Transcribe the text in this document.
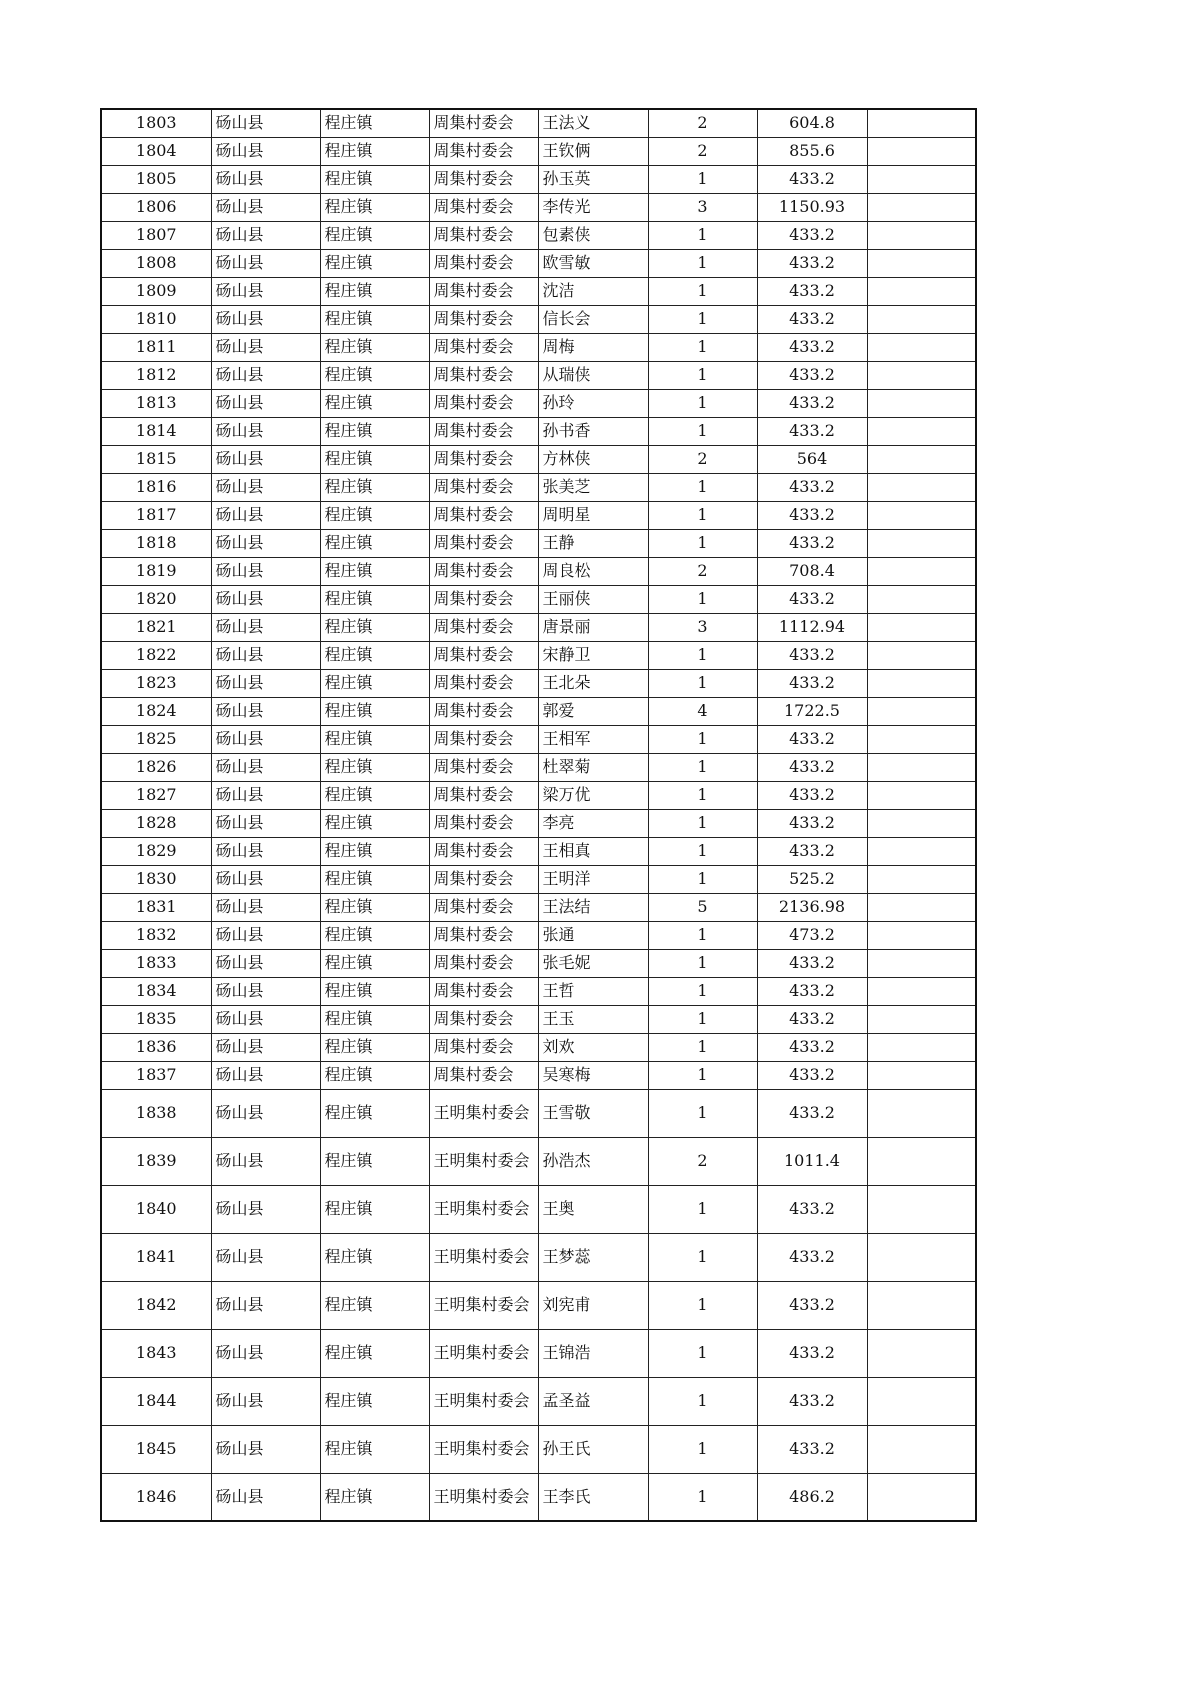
1803	砀山县	程庄镇	周集村委会	王法义	2	604.8	
1804	砀山县	程庄镇	周集村委会	王钦俩	2	855.6	
1805	砀山县	程庄镇	周集村委会	孙玉英	1	433.2	
1806	砀山县	程庄镇	周集村委会	李传光	3	1150.93	
1807	砀山县	程庄镇	周集村委会	包素侠	1	433.2	
1808	砀山县	程庄镇	周集村委会	欧雪敏	1	433.2	
1809	砀山县	程庄镇	周集村委会	沈洁	1	433.2	
1810	砀山县	程庄镇	周集村委会	信长会	1	433.2	
1811	砀山县	程庄镇	周集村委会	周梅	1	433.2	
1812	砀山县	程庄镇	周集村委会	从瑞侠	1	433.2	
1813	砀山县	程庄镇	周集村委会	孙玲	1	433.2	
1814	砀山县	程庄镇	周集村委会	孙书香	1	433.2	
1815	砀山县	程庄镇	周集村委会	方林侠	2	564	
1816	砀山县	程庄镇	周集村委会	张美芝	1	433.2	
1817	砀山县	程庄镇	周集村委会	周明星	1	433.2	
1818	砀山县	程庄镇	周集村委会	王静	1	433.2	
1819	砀山县	程庄镇	周集村委会	周良松	2	708.4	
1820	砀山县	程庄镇	周集村委会	王丽侠	1	433.2	
1821	砀山县	程庄镇	周集村委会	唐景丽	3	1112.94	
1822	砀山县	程庄镇	周集村委会	宋静卫	1	433.2	
1823	砀山县	程庄镇	周集村委会	王北朵	1	433.2	
1824	砀山县	程庄镇	周集村委会	郭爱	4	1722.5	
1825	砀山县	程庄镇	周集村委会	王相军	1	433.2	
1826	砀山县	程庄镇	周集村委会	杜翠菊	1	433.2	
1827	砀山县	程庄镇	周集村委会	梁万优	1	433.2	
1828	砀山县	程庄镇	周集村委会	李亮	1	433.2	
1829	砀山县	程庄镇	周集村委会	王相真	1	433.2	
1830	砀山县	程庄镇	周集村委会	王明洋	1	525.2	
1831	砀山县	程庄镇	周集村委会	王法结	5	2136.98	
1832	砀山县	程庄镇	周集村委会	张通	1	473.2	
1833	砀山县	程庄镇	周集村委会	张毛妮	1	433.2	
1834	砀山县	程庄镇	周集村委会	王哲	1	433.2	
1835	砀山县	程庄镇	周集村委会	王玉	1	433.2	
1836	砀山县	程庄镇	周集村委会	刘欢	1	433.2	
1837	砀山县	程庄镇	周集村委会	吴寒梅	1	433.2	
1838	砀山县	程庄镇	王明集村委会	王雪敬	1	433.2	
1839	砀山县	程庄镇	王明集村委会	孙浩杰	2	1011.4	
1840	砀山县	程庄镇	王明集村委会	王奥	1	433.2	
1841	砀山县	程庄镇	王明集村委会	王梦蕊	1	433.2	
1842	砀山县	程庄镇	王明集村委会	刘宪甫	1	433.2	
1843	砀山县	程庄镇	王明集村委会	王锦浩	1	433.2	
1844	砀山县	程庄镇	王明集村委会	孟圣益	1	433.2	
1845	砀山县	程庄镇	王明集村委会	孙王氏	1	433.2	
1846	砀山县	程庄镇	王明集村委会	王李氏	1	486.2	
